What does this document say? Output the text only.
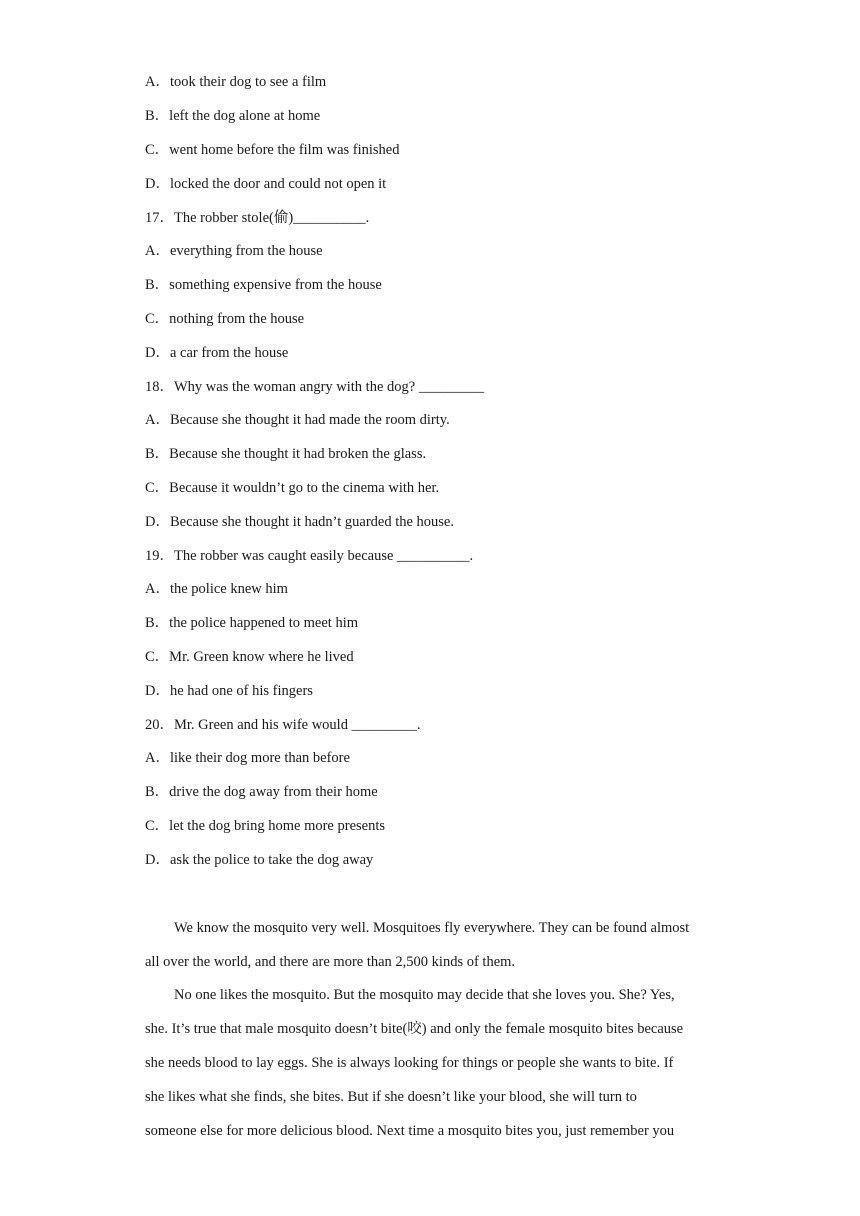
A．took their dog to see a film
B．left the dog alone at home
C．went home before the film was finished
D．locked the door and could not open it
17．The robber stole(偷)__________.
A．everything from the house
B．something expensive from the house
C．nothing from the house
D．a car from the house
18．Why was the woman angry with the dog? _________
A．Because she thought it had made the room dirty.
B．Because she thought it had broken the glass.
C．Because it wouldn’t go to the cinema with her.
D．Because she thought it hadn’t guarded the house.
19．The robber was caught easily because __________.
A．the police knew him
B．the police happened to meet him
C．Mr. Green know where he lived
D．he had one of his fingers
20．Mr. Green and his wife would _________.
A．like their dog more than before
B．drive the dog away from their home
C．let the dog bring home more presents
D．ask the police to take the dog away
We know the mosquito very well. Mosquitoes fly everywhere. They can be found almost
all over the world, and there are more than 2,500 kinds of them.
No one likes the mosquito. But the mosquito may decide that she loves you. She? Yes,
she. It’s true that male mosquito doesn’t bite(咬) and only the female mosquito bites because
she needs blood to lay eggs. She is always looking for things or people she wants to bite. If
she likes what she finds, she bites. But if she doesn’t like your blood, she will turn to
someone else for more delicious blood. Next time a mosquito bites you, just remember you
